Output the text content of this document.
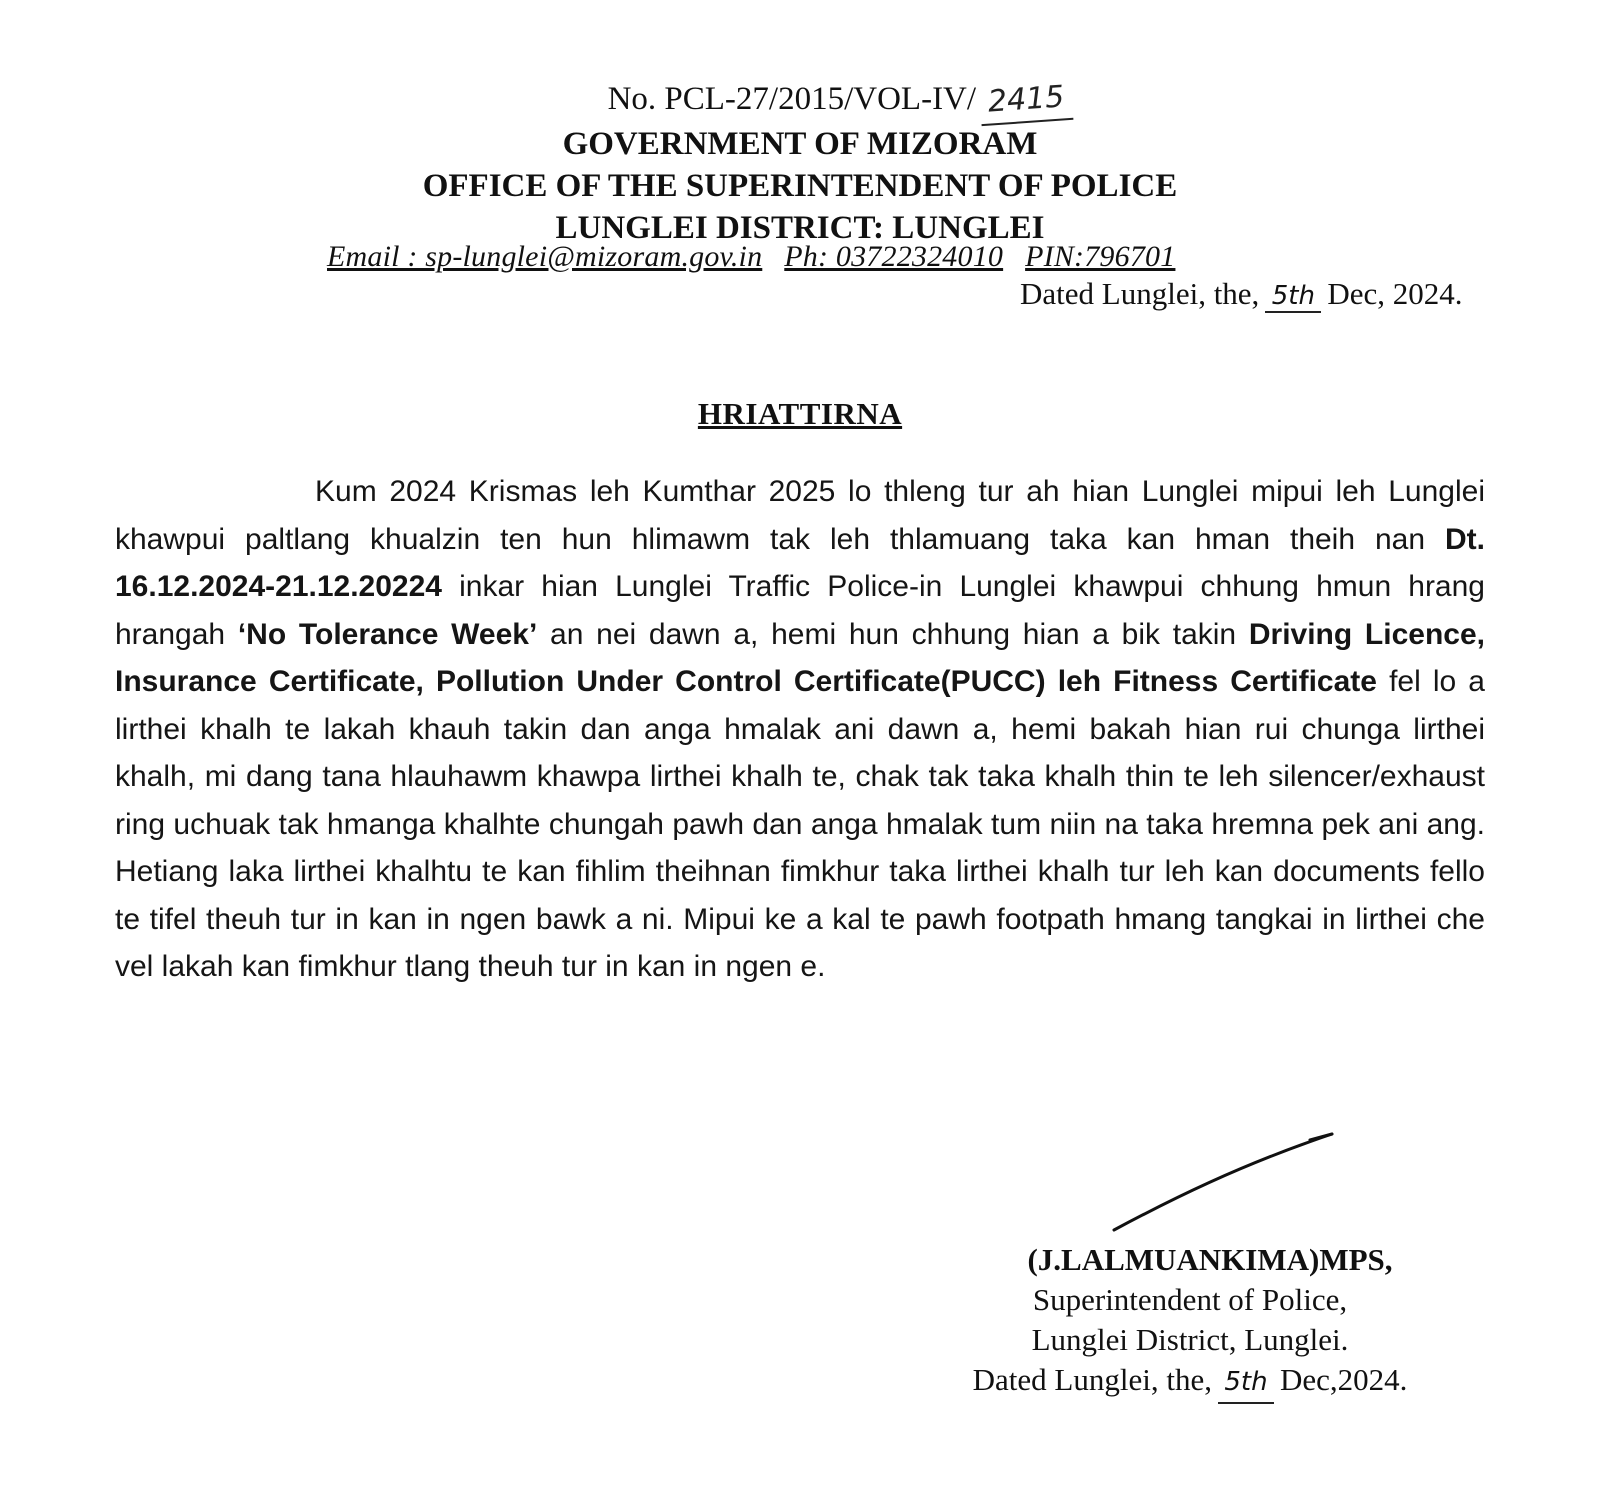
No. PCL-27/2015/VOL-IV/ 2415
GOVERNMENT OF MIZORAM
OFFICE OF THE SUPERINTENDENT OF POLICE
LUNGLEI DISTRICT: LUNGLEI
Email : sp-lunglei@mizoram.gov.in Ph: 03722324010 PIN:796701
Dated Lunglei, the, 5th Dec, 2024.
HRIATTIRNA

Kum 2024 Krismas leh Kumthar 2025 lo thleng tur ah hian Lunglei mipui leh Lunglei khawpui paltlang khualzin ten hun hlimawm tak leh thlamuang taka kan hman theih nan Dt. 16.12.2024-21.12.20224 inkar hian Lunglei Traffic Police-in Lunglei khawpui chhung hmun hrang hrangah ‘No Tolerance Week’ an nei dawn a, hemi hun chhung hian a bik takin Driving Licence, Insurance Certificate, Pollution Under Control Certificate(PUCC) leh Fitness Certificate fel lo a lirthei khalh te lakah khauh takin dan anga hmalak ani dawn a, hemi bakah hian rui chunga lirthei khalh, mi dang tana hlauhawm khawpa lirthei khalh te, chak tak taka khalh thin te leh silencer/exhaust ring uchuak tak hmanga khalhte chungah pawh dan anga hmalak tum niin na taka hremna pek ani ang. Hetiang laka lirthei khalhtu te kan fihlim theihnan fimkhur taka lirthei khalh tur leh kan documents fello te tifel theuh tur in kan in ngen bawk a ni. Mipui ke a kal te pawh footpath hmang tangkai in lirthei che vel lakah kan fimkhur tlang theuh tur in kan in ngen e.

(J.LALMUANKIMA)MPS,
Superintendent of Police,
Lunglei District, Lunglei.
Dated Lunglei, the, 5th Dec,2024.
